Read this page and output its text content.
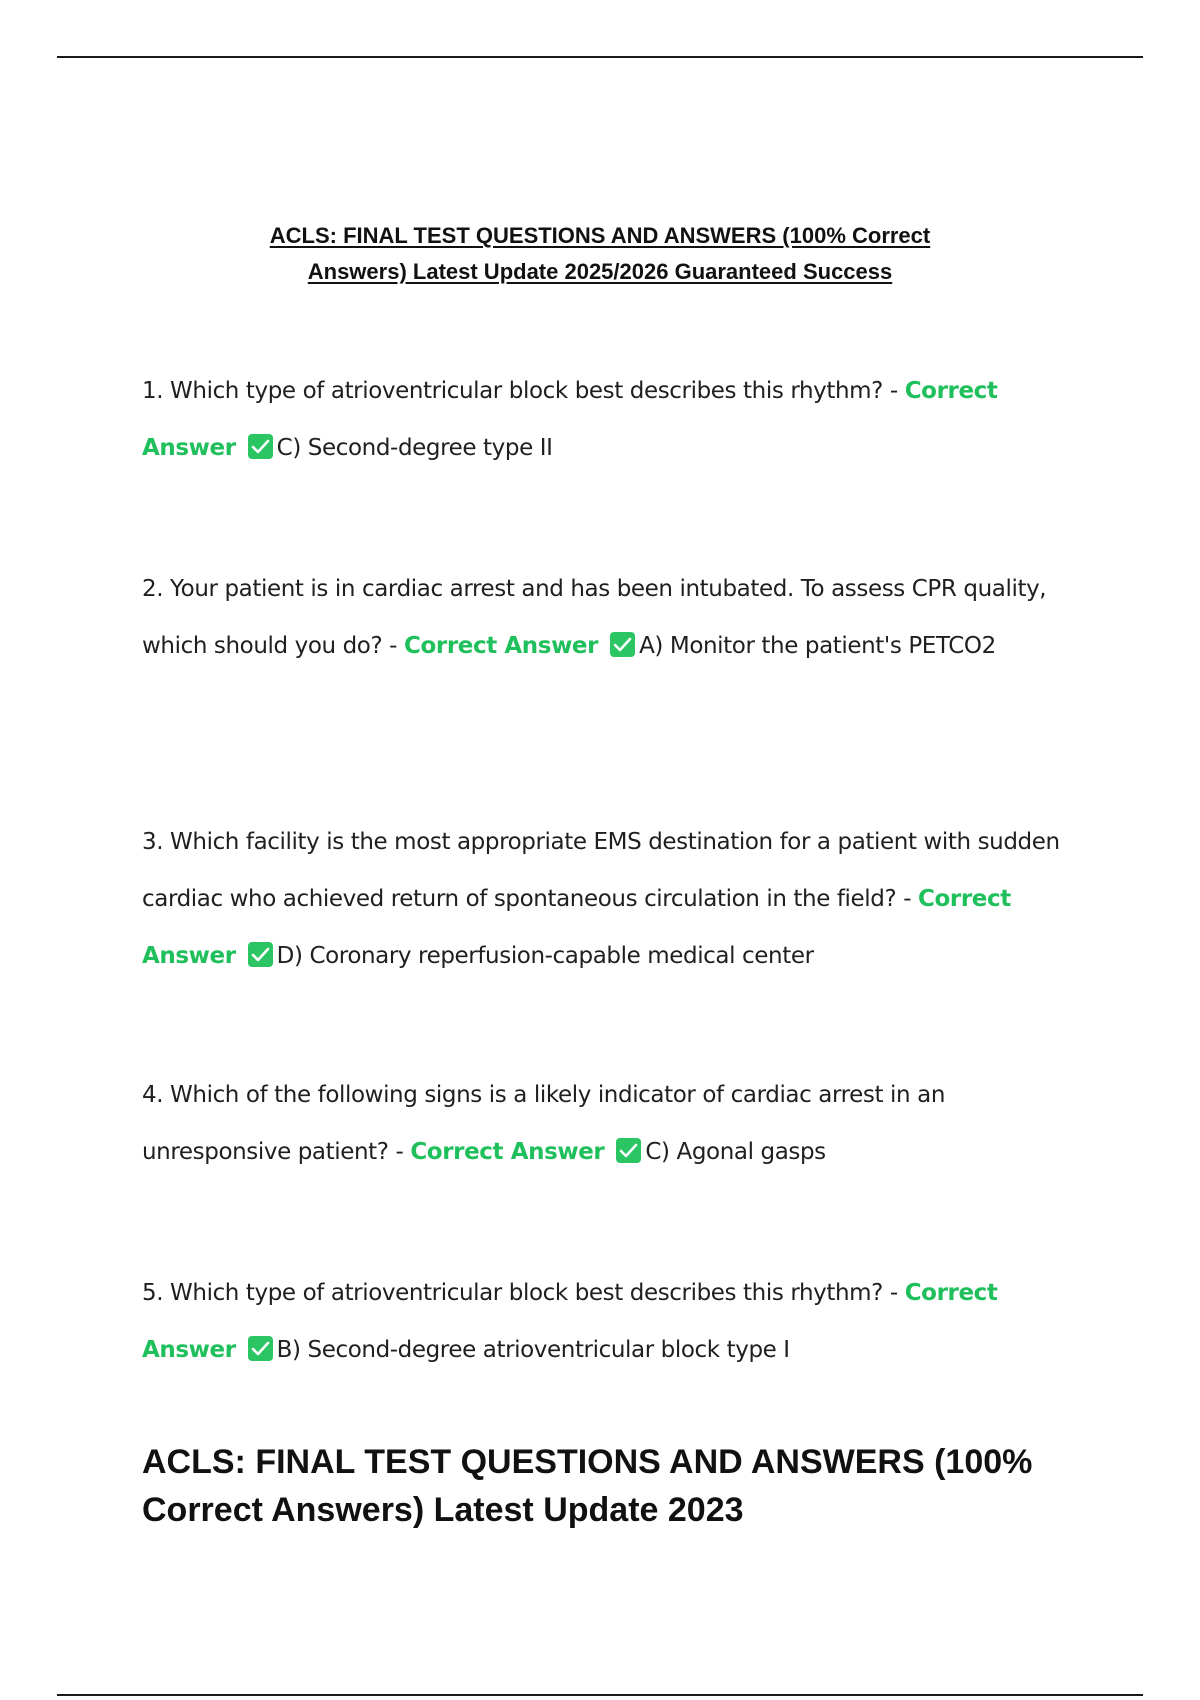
ACLS: FINAL TEST QUESTIONS AND ANSWERS (100% Correct
Answers) Latest Update 2025/2026 Guaranteed Success
1. Which type of atrioventricular block best describes this rhythm? - Correct Answer C) Second-degree type II
2. Your patient is in cardiac arrest and has been intubated. To assess CPR quality, which should you do? - Correct Answer A) Monitor the patient's PETCO2
3. Which facility is the most appropriate EMS destination for a patient with sudden cardiac who achieved return of spontaneous circulation in the field? - Correct Answer D) Coronary reperfusion-capable medical center
4. Which of the following signs is a likely indicator of cardiac arrest in an unresponsive patient? - Correct Answer C) Agonal gasps
5. Which type of atrioventricular block best describes this rhythm? - Correct Answer B) Second-degree atrioventricular block type I
ACLS: FINAL TEST QUESTIONS AND ANSWERS (100%
Correct Answers) Latest Update 2023
